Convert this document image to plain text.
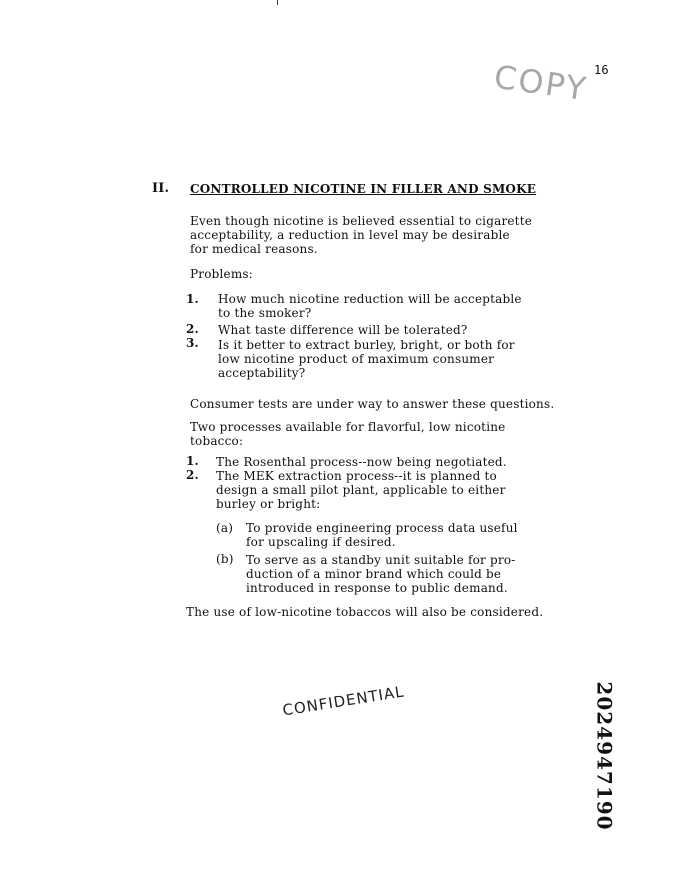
COPY 16
II. CONTROLLED NICOTINE IN FILLER AND SMOKE
Even though nicotine is believed essential to cigarette
acceptability, a reduction in level may be desirable
for medical reasons.
Problems:
1. How much nicotine reduction will be acceptable
to the smoker?
2. What taste difference will be tolerated?
3. Is it better to extract burley, bright, or both for
low nicotine product of maximum consumer
acceptability?
Consumer tests are under way to answer these questions.
Two processes available for flavorful, low nicotine
tobacco:
1. The Rosenthal process--now being negotiated.
2. The MEK extraction process--it is planned to
design a small pilot plant, applicable to either
burley or bright:
(a) To provide engineering process data useful
for upscaling if desired.
(b) To serve as a standby unit suitable for pro-
duction of a minor brand which could be
introduced in response to public demand.
The use of low-nicotine tobaccos will also be considered.
CONFIDENTIAL	2024947190
